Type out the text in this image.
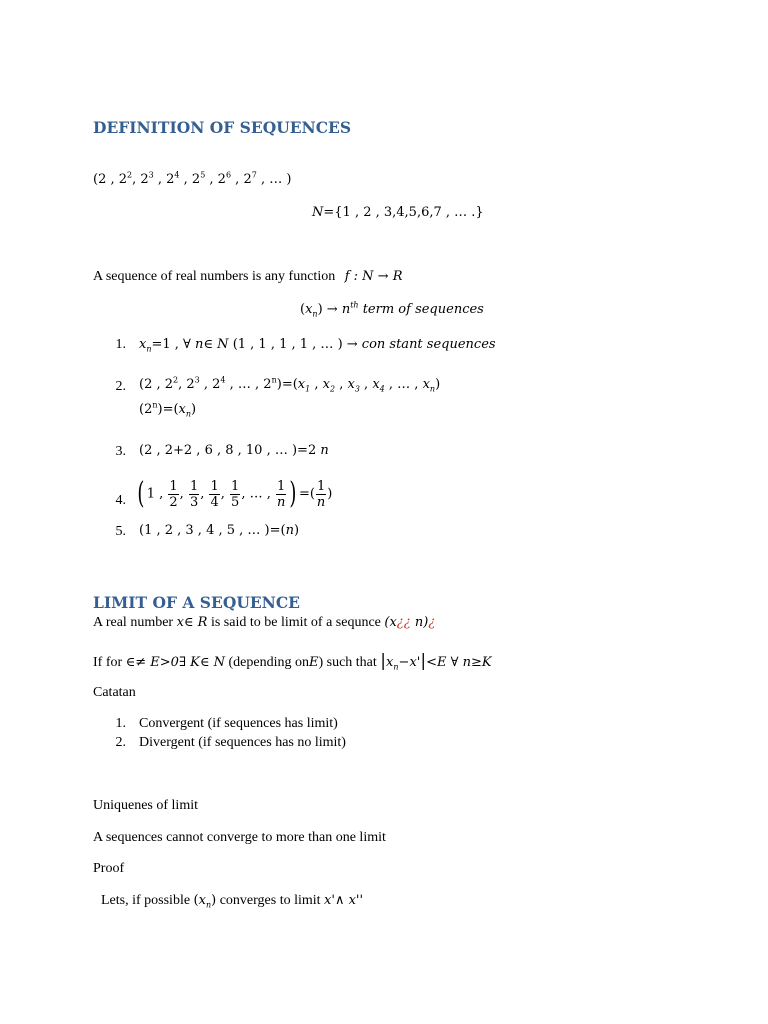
DEFINITION OF SEQUENCES
(2 , $2^2$, $2^3$ , $2^4$ , $2^5$ , $2^6$ , $2^7$ , … )
N={1 , 2 , 3,4,5,6,7 , … .}
A sequence of real numbers is any function f : N → R
$(x_n) \to n^{th}$ term of sequences
1. $x_n=1$ , ∀ n∈ N (1 , 1 , 1 , 1 , … ) → con stant sequences
2. (2 , $2^2$, $2^3$ , $2^4$ , … , $2^n)=(x_1$ , $x_2$ , $x_3$ , $x_4$ , … , $x_n$)
$(2^n)=(x_n)$
3. (2 , 2+2 , 6 , 8 , 10 , … )=2 n
4. ( 1 , $\frac{1}{2}$ , $\frac{1}{3}$ , $\frac{1}{4}$ , $\frac{1}{5}$ , … , $\frac{1}{n}$ ) =( $\frac{1}{n}$ )
5. (1 , 2 , 3 , 4 , 5 , … )=(n)
LIMIT OF A SEQUENCE
A real number x∈ R is said to be limit of a sequnce (x¿¿ n)¿
If for ∈≠ E>0∃ K∈ N (depending onE) such that $|x_n-x'|<E$ ∀ n≥K
Catatan
1. Convergent (if sequences has limit)
2. Divergent (if sequences has no limit)
Uniquenes of limit
A sequences cannot converge to more than one limit
Proof
Lets, if possible $(x_n)$ converges to limit x'∧ x''
